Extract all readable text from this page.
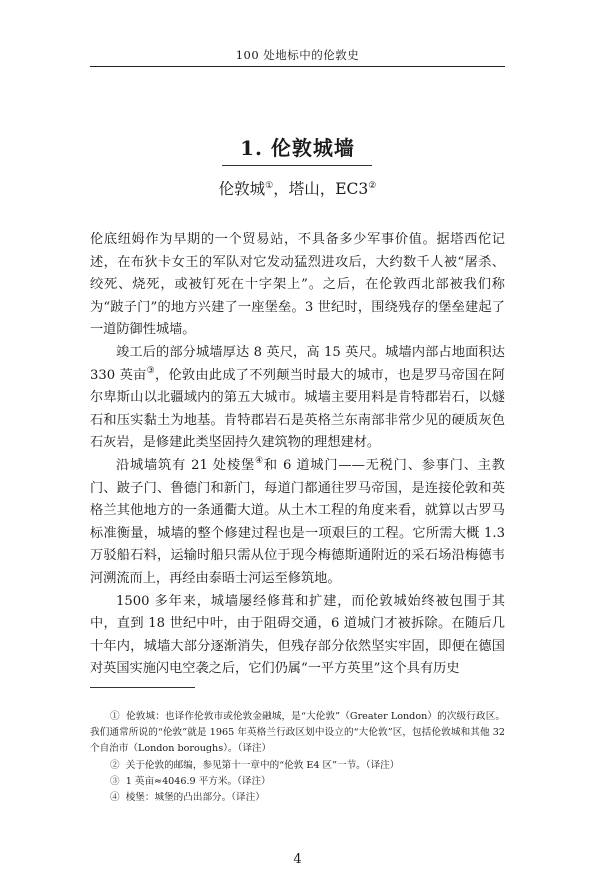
100 处地标中的伦敦史
1. 伦敦城墙
伦敦城①，塔山，EC3②

伦底纽姆作为早期的一个贸易站，不具备多少军事价值。据塔西佗记述，在布狄卡女王的军队对它发动猛烈进攻后，大约数千人被“屠杀、绞死、烧死，或被钉死在十字架上”。之后，在伦敦西北部被我们称为“跛子门”的地方兴建了一座堡垒。3 世纪时，围绕残存的堡垒建起了一道防御性城墙。

竣工后的部分城墙厚达 8 英尺，高 15 英尺。城墙内部占地面积达 330 英亩③，伦敦由此成了不列颠当时最大的城市，也是罗马帝国在阿尔卑斯山以北疆域内的第五大城市。城墙主要用料是肯特郡岩石，以燧石和压实黏土为地基。肯特郡岩石是英格兰东南部非常少见的硬质灰色石灰岩，是修建此类坚固持久建筑物的理想建材。

沿城墙筑有 21 处棱堡④和 6 道城门——无税门、参事门、主教门、跛子门、鲁德门和新门，每道门都通往罗马帝国，是连接伦敦和英格兰其他地方的一条通衢大道。从土木工程的角度来看，就算以古罗马标准衡量，城墙的整个修建过程也是一项艰巨的工程。它所需大概 1.3 万驳船石料，运输时船只需从位于现今梅德斯通附近的采石场沿梅德韦河溯流而上，再经由泰晤士河运至修筑地。

1500 多年来，城墙屡经修葺和扩建，而伦敦城始终被包围于其中，直到 18 世纪中叶，由于阻碍交通，6 道城门才被拆除。在随后几十年内，城墙大部分逐渐消失，但残存部分依然坚实牢固，即便在德国对英国实施闪电空袭之后，它们仍属“一平方英里”这个具有历史

① 伦敦城：也译作伦敦市或伦敦金融城，是“大伦敦”（Greater London）的次级行政区。我们通常所说的“伦敦”就是 1965 年英格兰行政区划中设立的“大伦敦”区，包括伦敦城和其他 32 个自治市（London boroughs）。（译注）

② 关于伦敦的邮编，参见第十一章中的“伦敦 E4 区”一节。（译注）

③ 1 英亩≈4046.9 平方米。（译注）

④ 棱堡：城堡的凸出部分。（译注）

4
